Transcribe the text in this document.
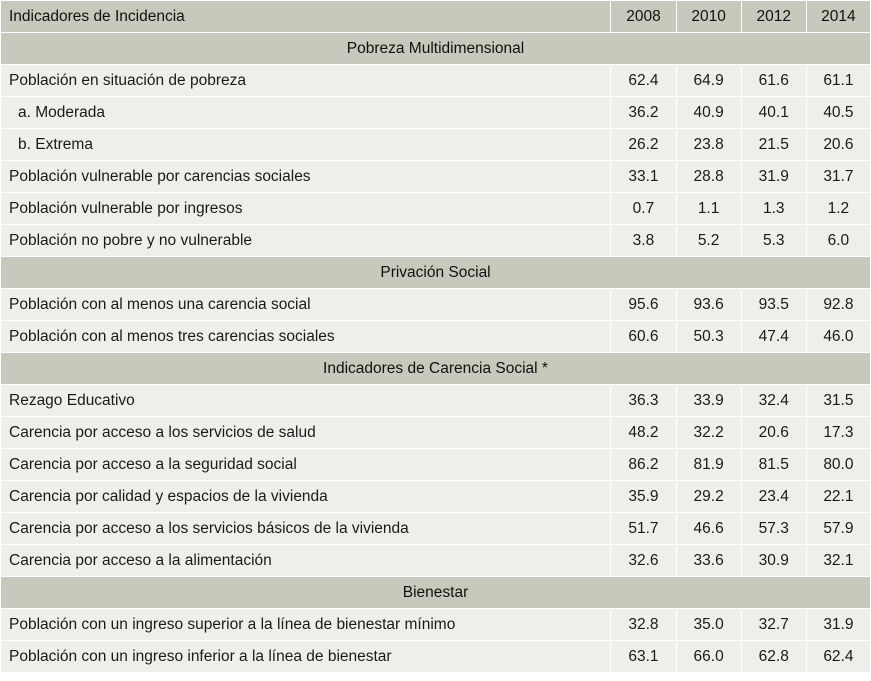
Indicadores de Incidencia	2008	2010	2012	2014
Pobreza Multidimensional				
Población en situación de pobreza	62.4	64.9	61.6	61.1
a. Moderada	36.2	40.9	40.1	40.5
b. Extrema	26.2	23.8	21.5	20.6
Población vulnerable por carencias sociales	33.1	28.8	31.9	31.7
Población vulnerable por ingresos	0.7	1.1	1.3	1.2
Población no pobre y no vulnerable	3.8	5.2	5.3	6.0
Privación Social				
Población con al menos una carencia social	95.6	93.6	93.5	92.8
Población con al menos tres carencias sociales	60.6	50.3	47.4	46.0
Indicadores de Carencia Social *				
Rezago Educativo	36.3	33.9	32.4	31.5
Carencia por acceso a los servicios de salud	48.2	32.2	20.6	17.3
Carencia por acceso a la seguridad social	86.2	81.9	81.5	80.0
Carencia por calidad y espacios de la vivienda	35.9	29.2	23.4	22.1
Carencia por acceso a los servicios básicos de la vivienda	51.7	46.6	57.3	57.9
Carencia por acceso a la alimentación	32.6	33.6	30.9	32.1
Bienestar				
Población con un ingreso superior a la línea de bienestar mínimo	32.8	35.0	32.7	31.9
Población con un ingreso inferior a la línea de bienestar	63.1	66.0	62.8	62.4
